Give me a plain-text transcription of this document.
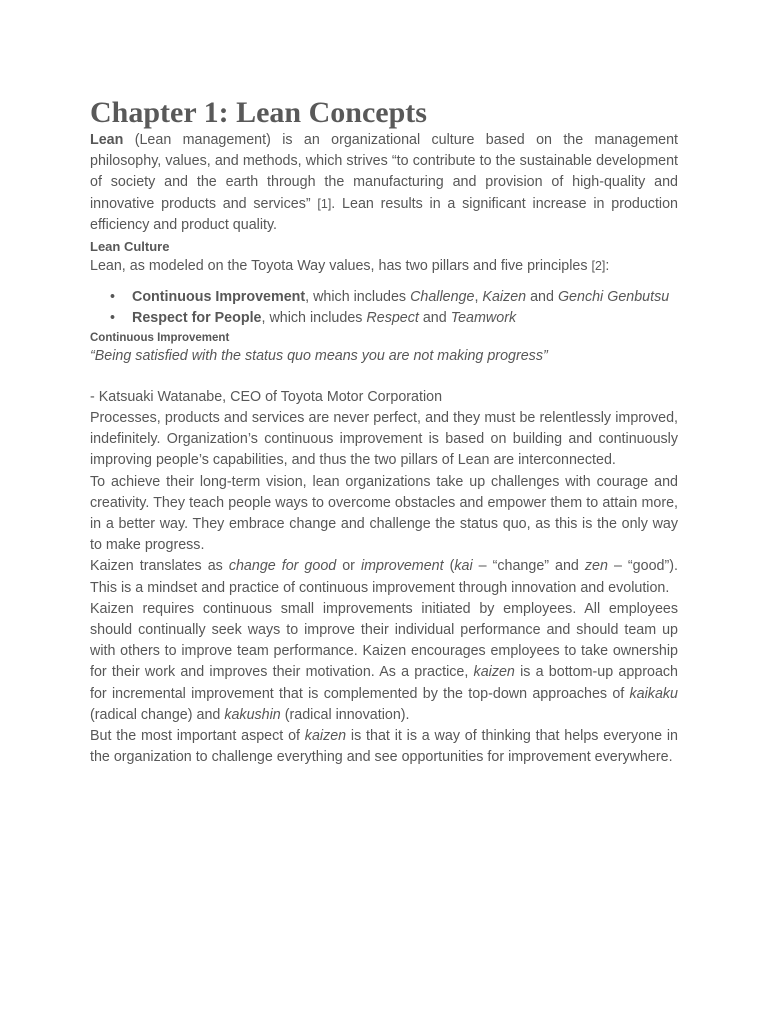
Chapter 1: Lean Concepts

Lean (Lean management) is an organizational culture based on the management philosophy, values, and methods, which strives “to contribute to the sustainable development of society and the earth through the manufacturing and provision of high-quality and innovative products and services” [1]. Lean results in a significant increase in production efficiency and product quality.

Lean Culture

Lean, as modeled on the Toyota Way values, has two pillars and five principles [2]:

• Continuous Improvement, which includes Challenge, Kaizen and Genchi Genbutsu
• Respect for People, which includes Respect and Teamwork

Continuous Improvement

“Being satisfied with the status quo means you are not making progress”

- Katsuaki Watanabe, CEO of Toyota Motor Corporation

Processes, products and services are never perfect, and they must be relentlessly improved, indefinitely. Organization’s continuous improvement is based on building and continuously improving people’s capabilities, and thus the two pillars of Lean are interconnected.

To achieve their long-term vision, lean organizations take up challenges with courage and creativity. They teach people ways to overcome obstacles and empower them to attain more, in a better way. They embrace change and challenge the status quo, as this is the only way to make progress.

Kaizen translates as change for good or improvement (kai – “change” and zen – “good”). This is a mindset and practice of continuous improvement through innovation and evolution.

Kaizen requires continuous small improvements initiated by employees. All employees should continually seek ways to improve their individual performance and should team up with others to improve team performance. Kaizen encourages employees to take ownership for their work and improves their motivation. As a practice, kaizen is a bottom-up approach for incremental improvement that is complemented by the top-down approaches of kaikaku (radical change) and kakushin (radical innovation).

But the most important aspect of kaizen is that it is a way of thinking that helps everyone in the organization to challenge everything and see opportunities for improvement everywhere.
